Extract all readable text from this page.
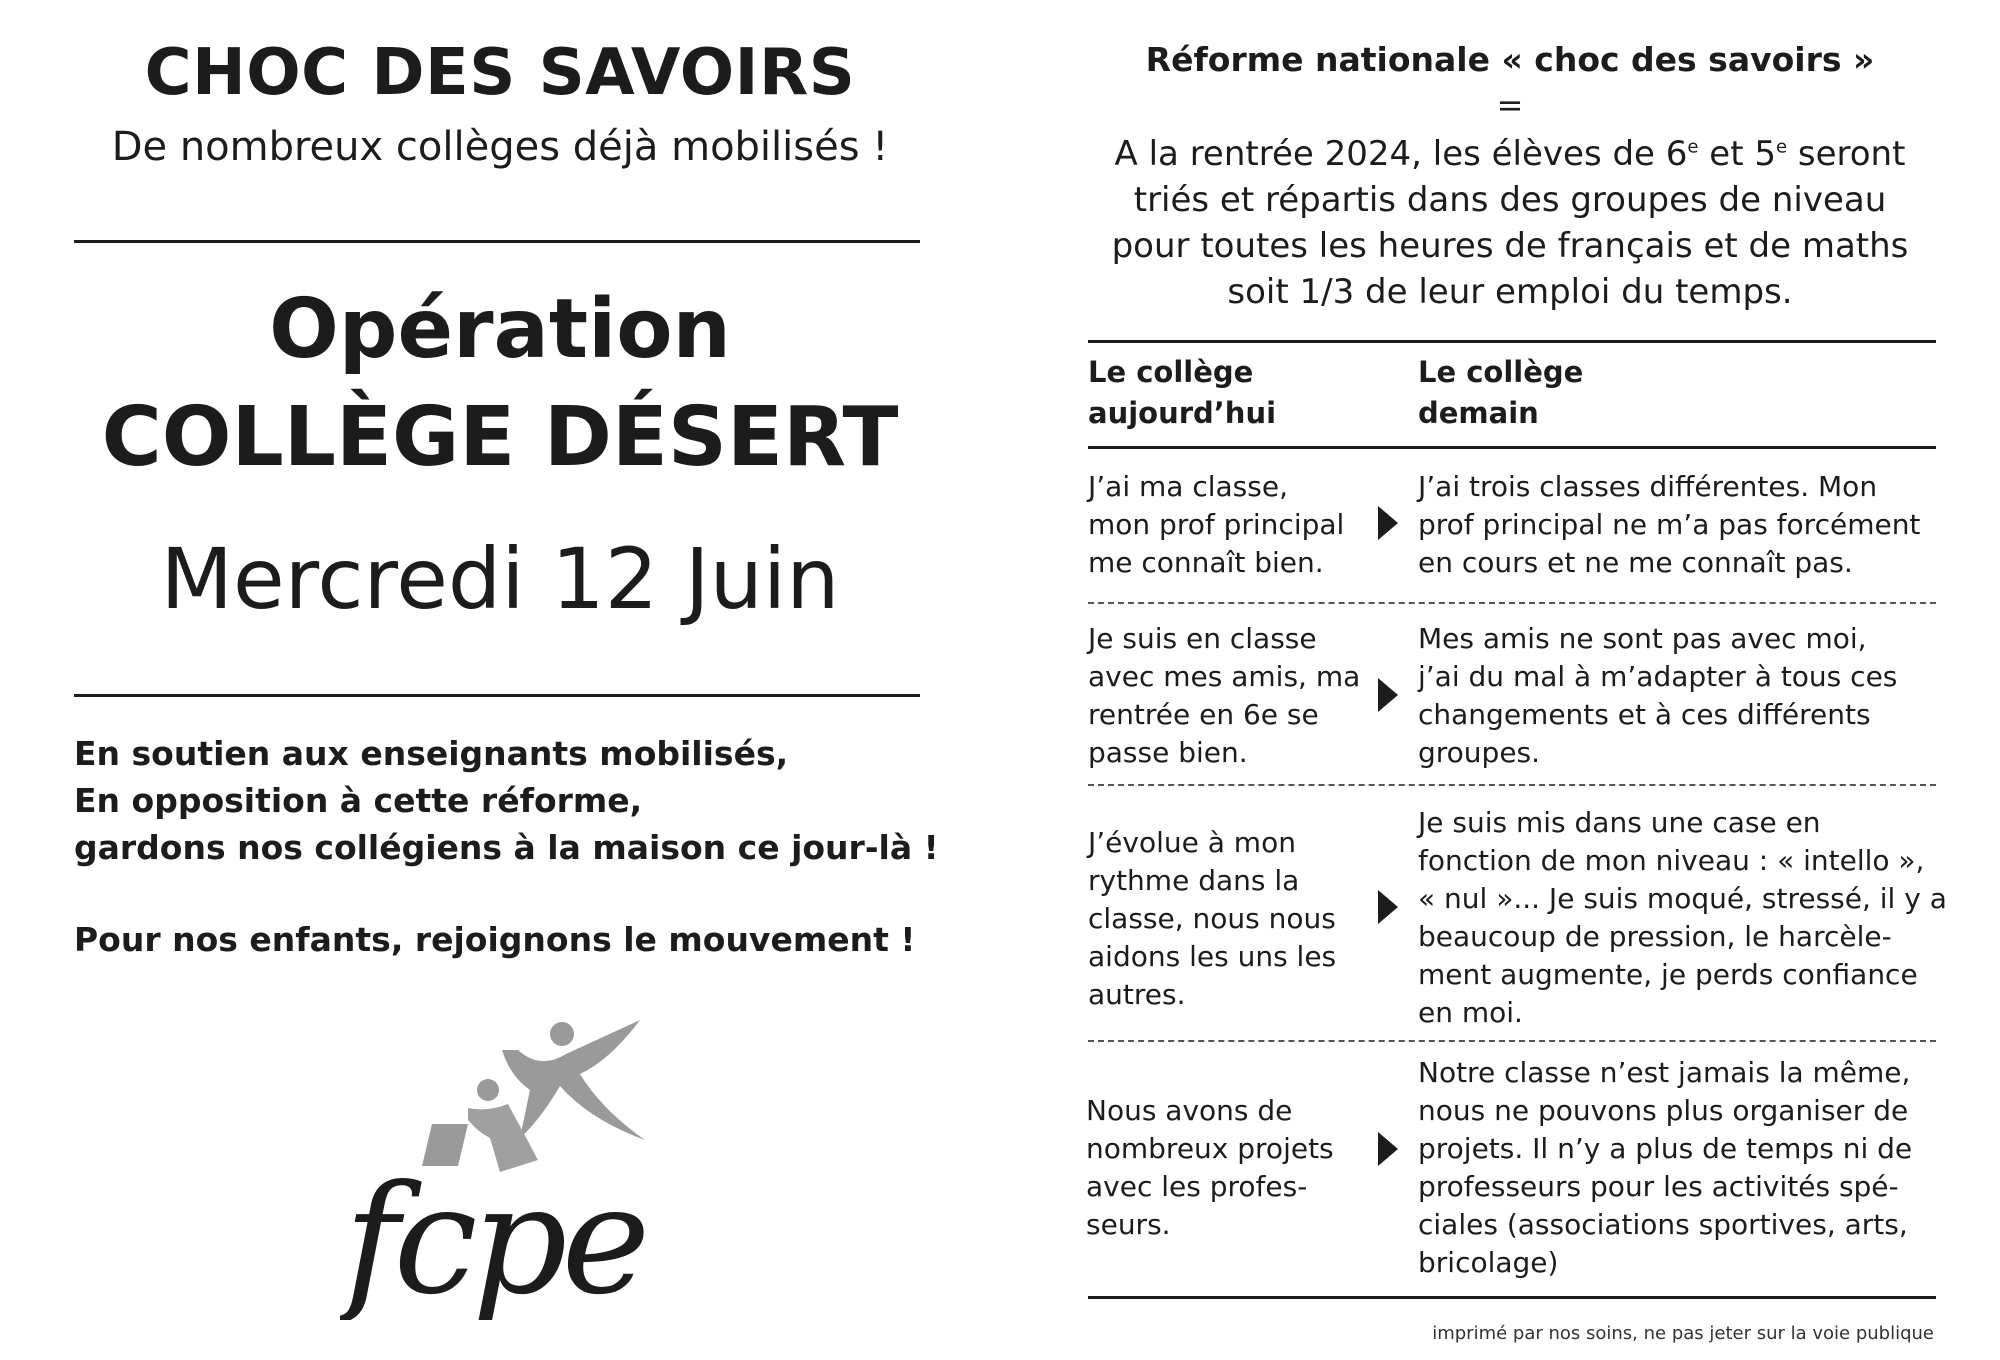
CHOC DES SAVOIRS
De nombreux collèges déjà mobilisés !
Opération
COLLÈGE DÉSERT
Mercredi 12 Juin
En soutien aux enseignants mobilisés,
En opposition à cette réforme,
gardons nos collégiens à la maison ce jour-là !
Pour nos enfants, rejoignons le mouvement !
fcpe
Réforme nationale « choc des savoirs »
=
A la rentrée 2024, les élèves de 6e et 5e seront
triés et répartis dans des groupes de niveau
pour toutes les heures de français et de maths
soit 1/3 de leur emploi du temps.
Le collège
aujourd’hui
Le collège
demain
J’ai ma classe,
mon prof principal
me connaît bien.
J’ai trois classes différentes. Mon
prof principal ne m’a pas forcément
en cours et ne me connaît pas.
Je suis en classe
avec mes amis, ma
rentrée en 6e se
passe bien.
Mes amis ne sont pas avec moi,
j’ai du mal à m’adapter à tous ces
changements et à ces différents
groupes.
J’évolue à mon
rythme dans la
classe, nous nous
aidons les uns les
autres.
Je suis mis dans une case en
fonction de mon niveau : « intello »,
« nul »... Je suis moqué, stressé, il y a
beaucoup de pression, le harcèle-
ment augmente, je perds confiance
en moi.
Nous avons de
nombreux projets
avec les profes-
seurs.
Notre classe n’est jamais la même,
nous ne pouvons plus organiser de
projets. Il n’y a plus de temps ni de
professeurs pour les activités spé-
ciales (associations sportives, arts,
bricolage)
imprimé par nos soins, ne pas jeter sur la voie publique
